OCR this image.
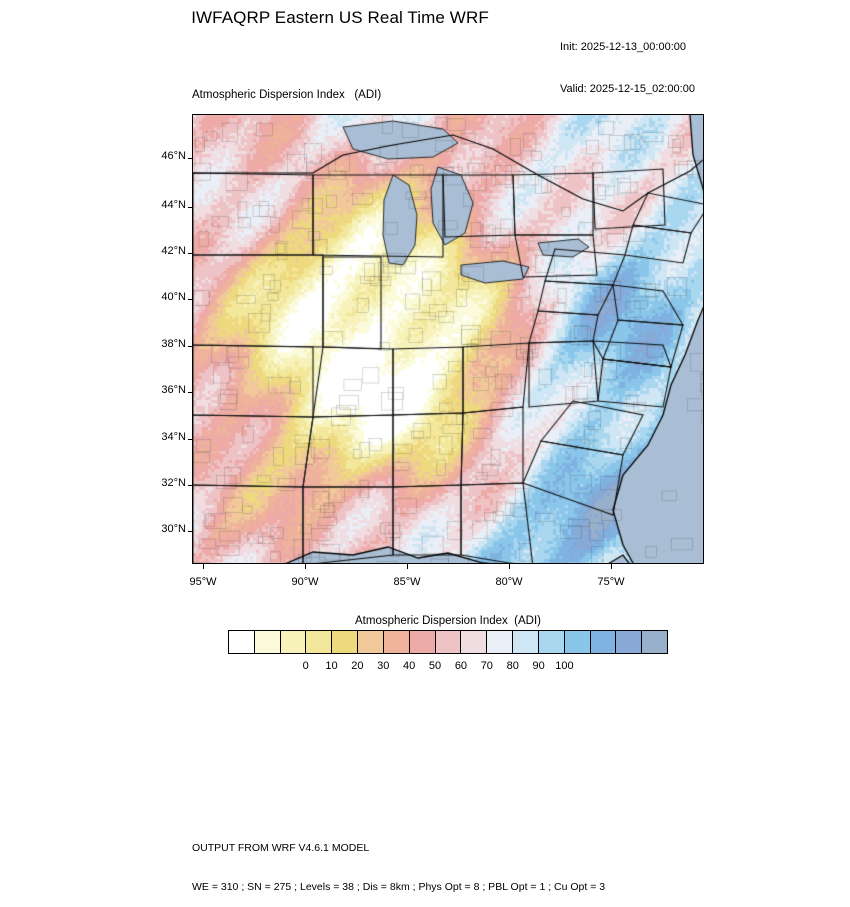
IWFAQRP Eastern US Real Time WRF

Init: 2025-12-13_00:00:00

Valid: 2025-12-15_02:00:00

Atmospheric Dispersion Index   (ADI)
46°N
44°N
42°N
40°N
38°N
36°N
34°N
32°N
30°N
95°W	90°W	85°W	80°W	75°W
Atmospheric Dispersion Index  (ADI)
0 10 20 30 40 50 60 70 80 90 100

OUTPUT FROM WRF V4.6.1 MODEL

WE = 310 ; SN = 275 ; Levels = 38 ; Dis = 8km ; Phys Opt = 8 ; PBL Opt = 1 ; Cu Opt = 3
